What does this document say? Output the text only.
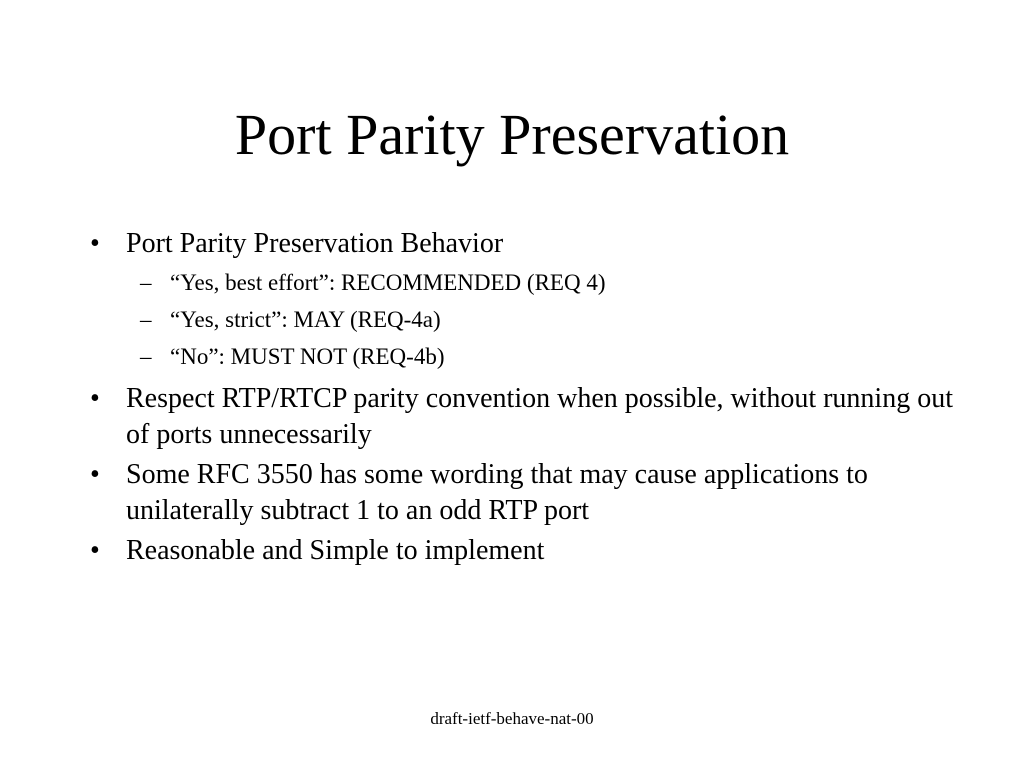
Port Parity Preservation
• Port Parity Preservation Behavior
– “Yes, best effort”: RECOMMENDED (REQ 4)
– “Yes, strict”: MAY (REQ-4a)
– “No”: MUST NOT (REQ-4b)
• Respect RTP/RTCP parity convention when possible, without running out of ports unnecessarily
• Some RFC 3550 has some wording that may cause applications to unilaterally subtract 1 to an odd RTP port
• Reasonable and Simple to implement
draft-ietf-behave-nat-00
